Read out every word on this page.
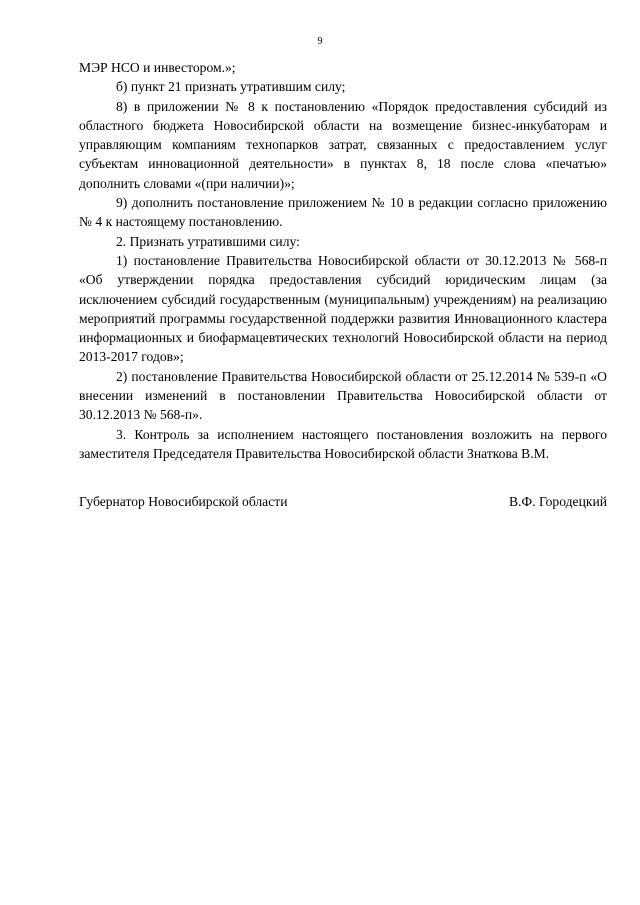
9

МЭР НСО и инвестором.»;

б) пункт 21 признать утратившим силу;

8) в приложении № 8 к постановлению «Порядок предоставления субсидий из областного бюджета Новосибирской области на возмещение бизнес-инкубаторам и управляющим компаниям технопарков затрат, связанных с предоставлением услуг субъектам инновационной деятельности» в пунктах 8, 18 после слова «печатью» дополнить словами «(при наличии)»;

9) дополнить постановление приложением № 10 в редакции согласно приложению № 4 к настоящему постановлению.

2. Признать утратившими силу:

1) постановление Правительства Новосибирской области от 30.12.2013 № 568-п «Об утверждении порядка предоставления субсидий юридическим лицам (за исключением субсидий государственным (муниципальным) учреждениям) на реализацию мероприятий программы государственной поддержки развития Инновационного кластера информационных и биофармацевтических технологий Новосибирской области на период 2013-2017 годов»;

2) постановление Правительства Новосибирской области от 25.12.2014 № 539-п «О внесении изменений в постановлении Правительства Новосибирской области от 30.12.2013 № 568-п».

3. Контроль за исполнением настоящего постановления возложить на первого заместителя Председателя Правительства Новосибирской области Знаткова В.М.

Губернатор Новосибирской области	В.Ф. Городецкий
